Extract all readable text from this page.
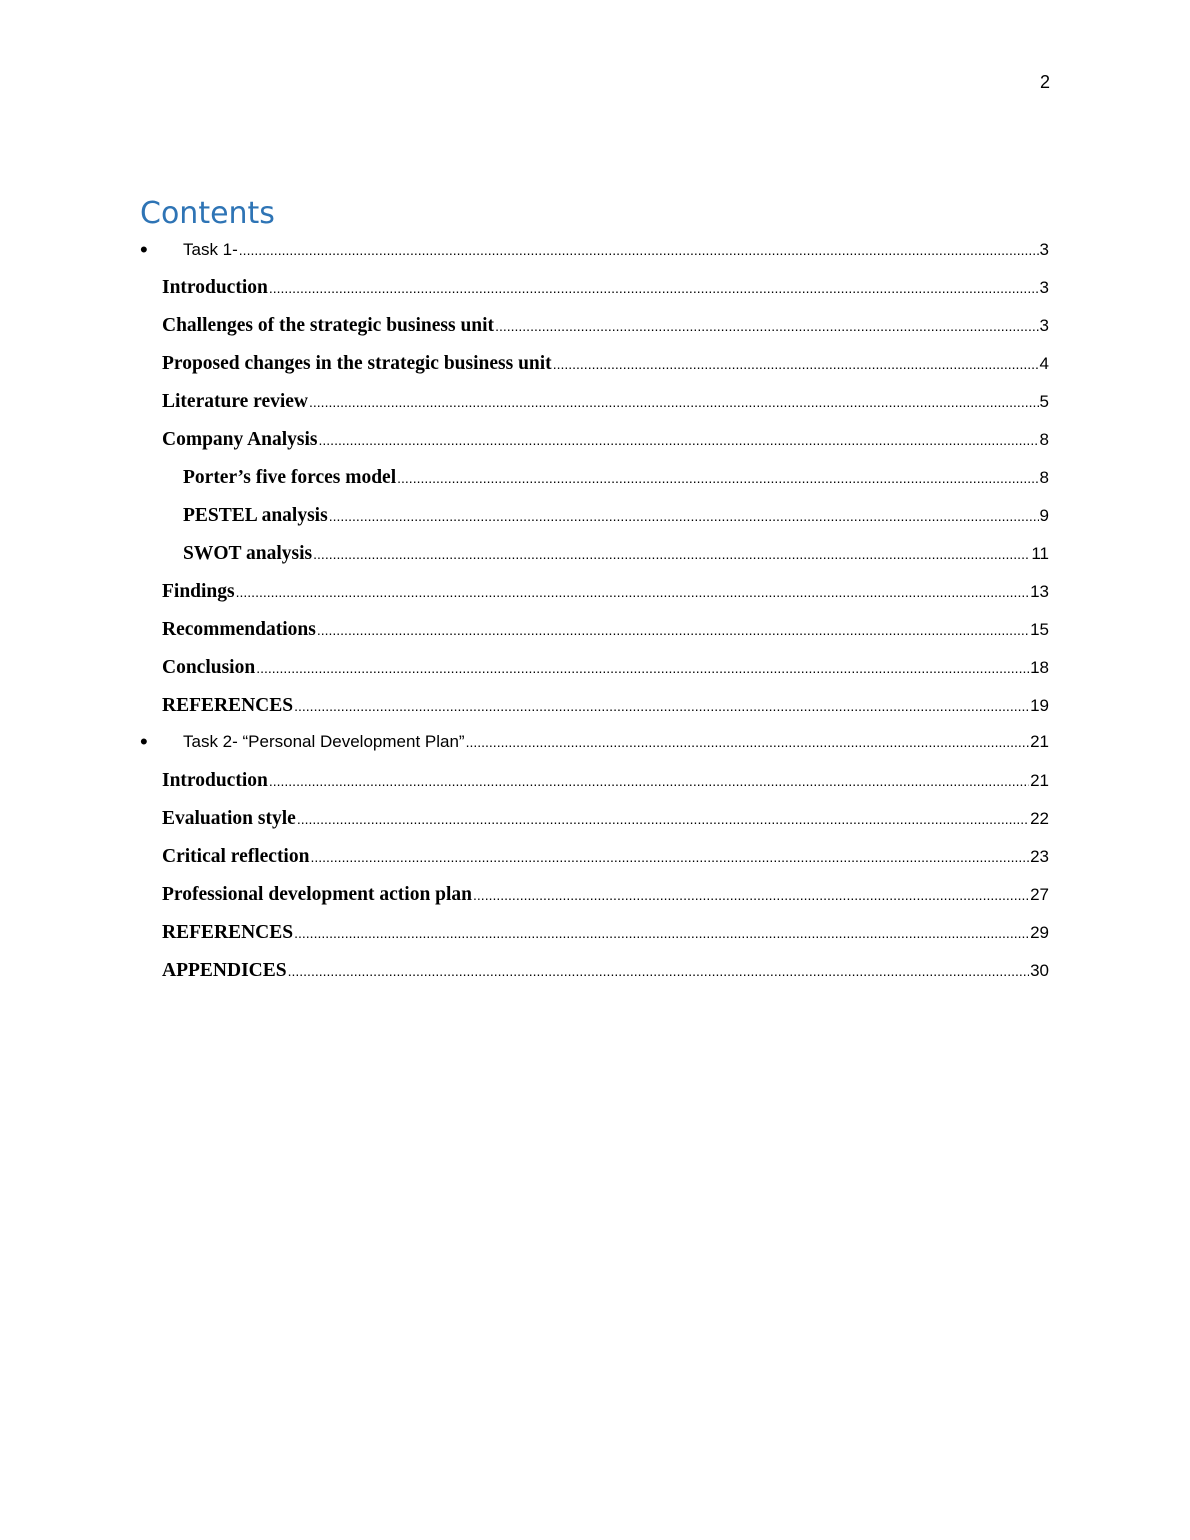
2
Contents
• Task 1- .....	3
Introduction .....	3
Challenges of the strategic business unit .....	3
Proposed changes in the strategic business unit .....	4
Literature review .....	5
Company Analysis .....	8
Porter’s five forces model .....	8
PESTEL analysis .....	9
SWOT analysis .....	11
Findings .....	13
Recommendations .....	15
Conclusion .....	18
REFERENCES .....	19
• Task 2- “Personal Development Plan” .....	21
Introduction .....	21
Evaluation style .....	22
Critical reflection .....	23
Professional development action plan .....	27
REFERENCES .....	29
APPENDICES .....	30
